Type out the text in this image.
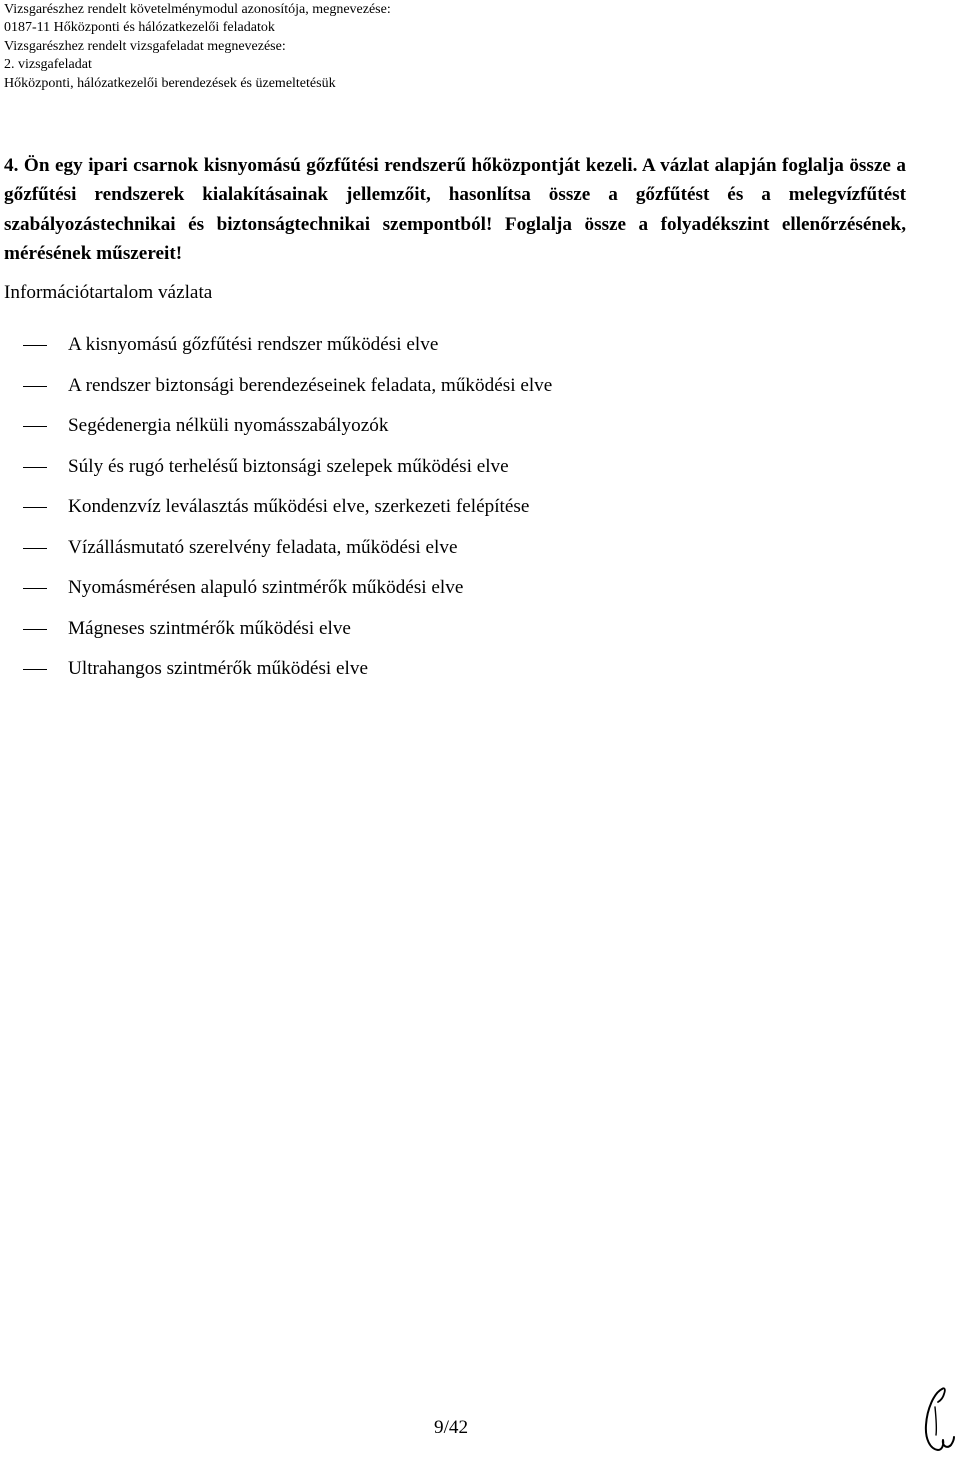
Vizsgarészhez rendelt követelménymodul azonosítója, megnevezése:
0187-11 Hőközponti és hálózatkezelői feladatok
Vizsgarészhez rendelt vizsgafeladat megnevezése:
2. vizsgafeladat
Hőközponti, hálózatkezelői berendezések és üzemeltetésük
4. Ön egy ipari csarnok kisnyomású gőzfűtési rendszerű hőközpontját kezeli. A vázlat alapján foglalja össze a gőzfűtési rendszerek kialakításainak jellemzőit, hasonlítsa össze a gőzfűtést és a melegvízfűtést szabályozástechnikai és biztonságtechnikai szempontból! Foglalja össze a folyadékszint ellenőrzésének, mérésének műszereit!
Információtartalom vázlata
A kisnyomású gőzfűtési rendszer működési elve
A rendszer biztonsági berendezéseinek feladata, működési elve
Segédenergia nélküli nyomásszabályozók
Súly és rugó terhelésű biztonsági szelepek működési elve
Kondenzvíz leválasztás működési elve, szerkezeti felépítése
Vízállásmutató szerelvény feladata, működési elve
Nyomásmérésen alapuló szintmérők működési elve
Mágneses szintmérők működési elve
Ultrahangos szintmérők működési elve
9/42
